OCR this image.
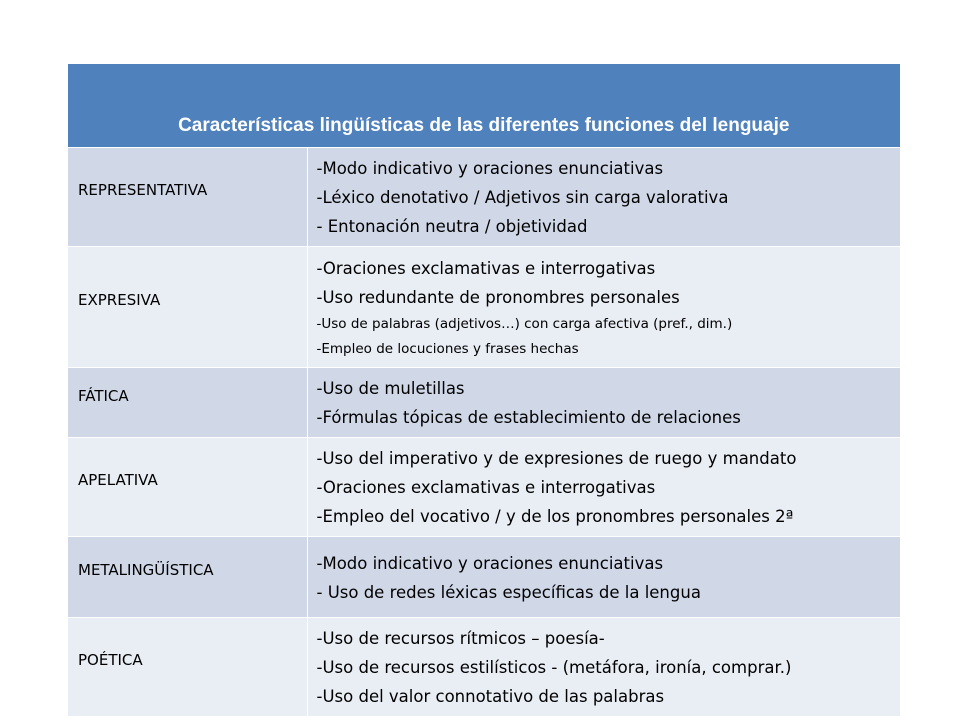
Características lingüísticas de las diferentes funciones del lenguaje	
REPRESENTATIVA	-Modo indicativo y oraciones enunciativas
-Léxico denotativo / Adjetivos sin carga valorativa
- Entonación neutra / objetividad

EXPRESIVA	-Oraciones exclamativas e interrogativas
-Uso redundante de pronombres personales
-Uso de palabras (adjetivos…) con carga afectiva (pref., dim.)
-Empleo de locuciones y frases hechas

FÁTICA	-Uso de muletillas
-Fórmulas tópicas de establecimiento de relaciones

APELATIVA	-Uso del imperativo y de expresiones de ruego y mandato
-Oraciones exclamativas e interrogativas
-Empleo del vocativo / y de los pronombres personales 2ª

METALINGÜÍSTICA	-Modo indicativo y oraciones enunciativas
- Uso de redes léxicas específicas de la lengua

POÉTICA	-Uso de recursos rítmicos – poesía-
-Uso de recursos estilísticos - (metáfora, ironía, comprar.)
-Uso del valor connotativo de las palabras
